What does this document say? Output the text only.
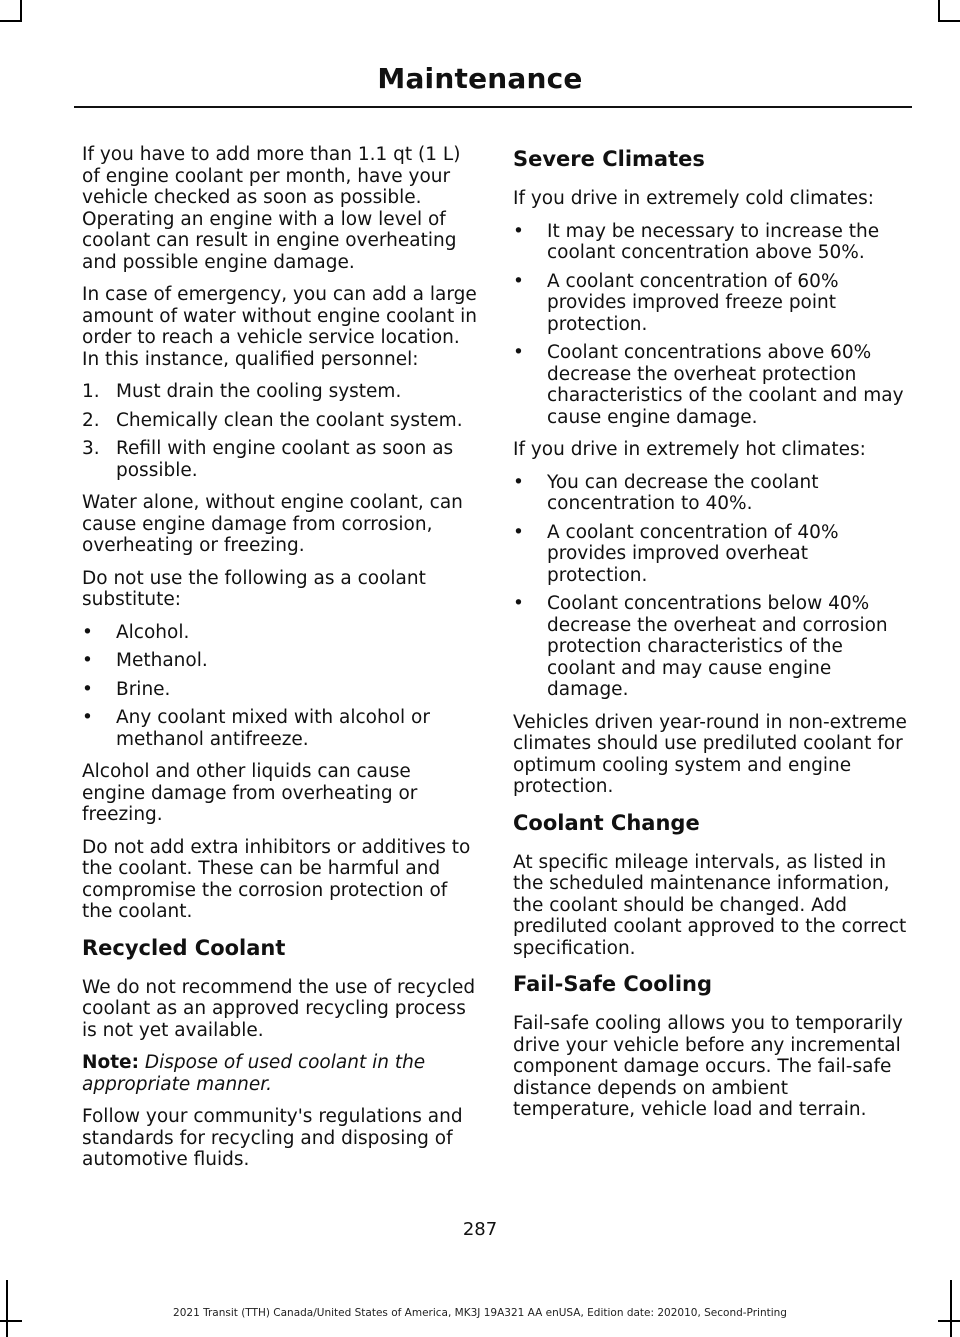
Maintenance

If you have to add more than 1.1 qt (1 L) of engine coolant per month, have your vehicle checked as soon as possible. Operating an engine with a low level of coolant can result in engine overheating and possible engine damage.

In case of emergency, you can add a large amount of water without engine coolant in order to reach a vehicle service location. In this instance, qualified personnel:

1. Must drain the cooling system.
2. Chemically clean the coolant system.
3. Refill with engine coolant as soon as possible.

Water alone, without engine coolant, can cause engine damage from corrosion, overheating or freezing.

Do not use the following as a coolant substitute:

• Alcohol.
• Methanol.
• Brine.
• Any coolant mixed with alcohol or methanol antifreeze.

Alcohol and other liquids can cause engine damage from overheating or freezing.

Do not add extra inhibitors or additives to the coolant. These can be harmful and compromise the corrosion protection of the coolant.

Recycled Coolant

We do not recommend the use of recycled coolant as an approved recycling process is not yet available.

Note: Dispose of used coolant in the appropriate manner.

Follow your community's regulations and standards for recycling and disposing of automotive fluids.

Severe Climates

If you drive in extremely cold climates:

• It may be necessary to increase the coolant concentration above 50%.
• A coolant concentration of 60% provides improved freeze point protection.
• Coolant concentrations above 60% decrease the overheat protection characteristics of the coolant and may cause engine damage.

If you drive in extremely hot climates:

• You can decrease the coolant concentration to 40%.
• A coolant concentration of 40% provides improved overheat protection.
• Coolant concentrations below 40% decrease the overheat and corrosion protection characteristics of the coolant and may cause engine damage.

Vehicles driven year-round in non-extreme climates should use prediluted coolant for optimum cooling system and engine protection.

Coolant Change

At specific mileage intervals, as listed in the scheduled maintenance information, the coolant should be changed. Add prediluted coolant approved to the correct specification.

Fail-Safe Cooling

Fail-safe cooling allows you to temporarily drive your vehicle before any incremental component damage occurs. The fail-safe distance depends on ambient temperature, vehicle load and terrain.

287
2021 Transit (TTH) Canada/United States of America, MK3J 19A321 AA enUSA, Edition date: 202010, Second-Printing
